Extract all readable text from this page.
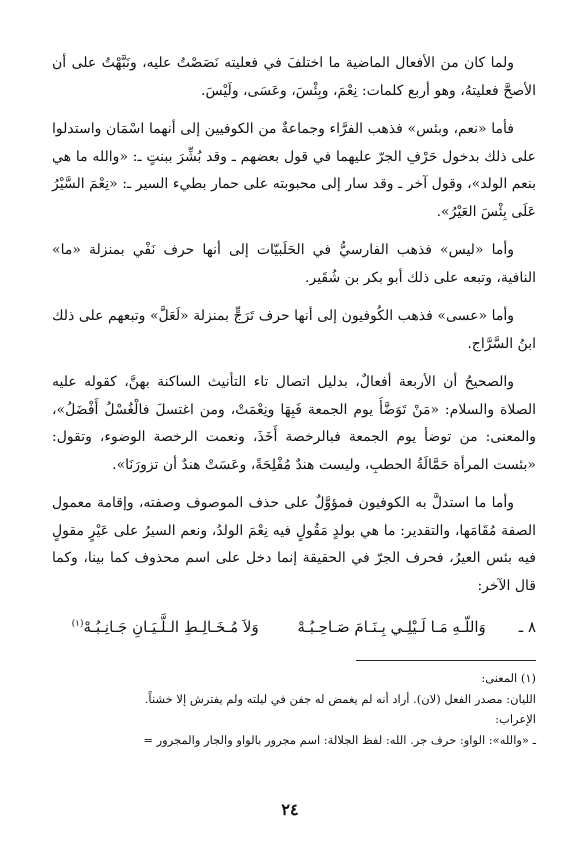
ولما كان من الأفعال الماضية ما اختلفَ في فعليته نَصَصْتُ عليه، ونَبَّهْتُ على أن الأصحَّ فعليتهُ، وهو أربع كلمات: نِعْمَ، وبِئْسَ، وعَسَى، ولَيْسَ.

فأما «نعم، وبئس» فذهب الفرَّاء وجماعةٌ من الكوفيين إلى أنهما اسْمَان واستدلوا على ذلك بدخول حَرْفِ الجرّ عليهما في قول بعضهم ـ وقد بُشِّرَ ببنتٍ ـ: «والله ما هي بنعم الولد»، وقول آخر ـ وقد سار إلى محبوبته على حمار بطيء السير ـ: «نِعْمَ السَّيْرُ عَلَى بِئْسَ العَيْرُ».

وأما «ليس» فذهب الفارسيُّ في الحَلَبيّات إلى أنها حرف نَفْي بمنزلة «ما» النافية، وتبعه على ذلك أبو بكر بن شُقَير.

وأما «عسى» فذهب الكُوفيون إلى أنها حرف تَرَجٍّ بمنزلة «لَعَلَّ» وتبعهم على ذلك ابنُ السَّرَّاج.

والصحيحُ أن الأربعة أفعالٌ، بدليل اتصال تاء التأنيث الساكنة بهنَّ، كقوله عليه الصلاة والسلام: «مَنْ تَوَضَّأَ يوم الجمعة فَبِهَا ونِعْمَتْ، ومن اغتسلَ فالْغُسْلُ أَفْضَلُ»، والمعنى: من توضأ يوم الجمعة فبالرخصة أَخَذَ، ونعمت الرخصة الوضوء، وتقول: «بئست المرأة حَمَّالَةُ الحطبِ، وليست هندٌ مُفْلِحَةً، وعَسَتْ هندٌ أن تزورَنَا».

وأما ما استدلَّ به الكوفيون فمؤوَّلٌ على حذف الموصوف وصفته، وإقامة معمول الصفة مُقَامَها، والتقدير: ما هي بولدٍ مَقُولٍ فيه نِعْمَ الولدُ، ونعم السيرُ على عَيْرٍ مقولٍ فيه بئس العيرُ، فحرف الجرّ في الحقيقة إنما دخل على اسم محذوف كما بينا، وكما قال الآخر:

٨ ـ
وَاللّـهِ مَـا لَـيْلِـي بِـنَـامَ صَـاحِـبُـهْ
وَلاَ مُـخَـالِـطِ الـلَّـيَـانِ جَـانِـبُـهْ$^{(١)}$
(١) المعنى:
الليان: مصدر الفعل (لان). أراد أنه لم يغمض له جفن في ليلته ولم يفترش إلا خشناً.
الإعراب:
ـ «والله»: الواو: حرف جر. الله: لفظ الجلالة: اسم مجرور بالواو والجار والمجرور =
٢٤
